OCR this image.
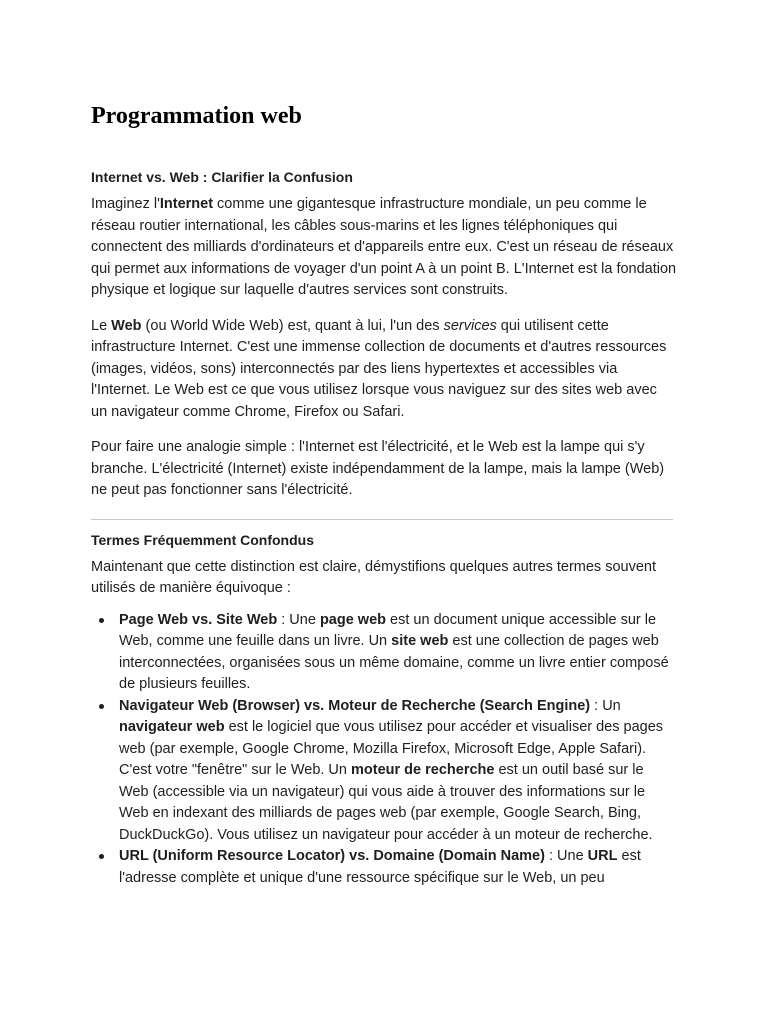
Programmation web
Internet vs. Web : Clarifier la Confusion

Imaginez l'Internet comme une gigantesque infrastructure mondiale, un peu comme le réseau routier international, les câbles sous-marins et les lignes téléphoniques qui connectent des milliards d'ordinateurs et d'appareils entre eux. C'est un réseau de réseaux qui permet aux informations de voyager d'un point A à un point B. L'Internet est la fondation physique et logique sur laquelle d'autres services sont construits.

Le Web (ou World Wide Web) est, quant à lui, l'un des services qui utilisent cette infrastructure Internet. C'est une immense collection de documents et d'autres ressources (images, vidéos, sons) interconnectés par des liens hypertextes et accessibles via l'Internet. Le Web est ce que vous utilisez lorsque vous naviguez sur des sites web avec un navigateur comme Chrome, Firefox ou Safari.

Pour faire une analogie simple : l'Internet est l'électricité, et le Web est la lampe qui s'y branche. L'électricité (Internet) existe indépendamment de la lampe, mais la lampe (Web) ne peut pas fonctionner sans l'électricité.

Termes Fréquemment Confondus

Maintenant que cette distinction est claire, démystifions quelques autres termes souvent utilisés de manière équivoque :

Page Web vs. Site Web : Une page web est un document unique accessible sur le Web, comme une feuille dans un livre. Un site web est une collection de pages web interconnectées, organisées sous un même domaine, comme un livre entier composé de plusieurs feuilles.
Navigateur Web (Browser) vs. Moteur de Recherche (Search Engine) : Un navigateur web est le logiciel que vous utilisez pour accéder et visualiser des pages web (par exemple, Google Chrome, Mozilla Firefox, Microsoft Edge, Apple Safari). C'est votre "fenêtre" sur le Web. Un moteur de recherche est un outil basé sur le Web (accessible via un navigateur) qui vous aide à trouver des informations sur le Web en indexant des milliards de pages web (par exemple, Google Search, Bing, DuckDuckGo). Vous utilisez un navigateur pour accéder à un moteur de recherche.
URL (Uniform Resource Locator) vs. Domaine (Domain Name) : Une URL est l'adresse complète et unique d'une ressource spécifique sur le Web, un peu
